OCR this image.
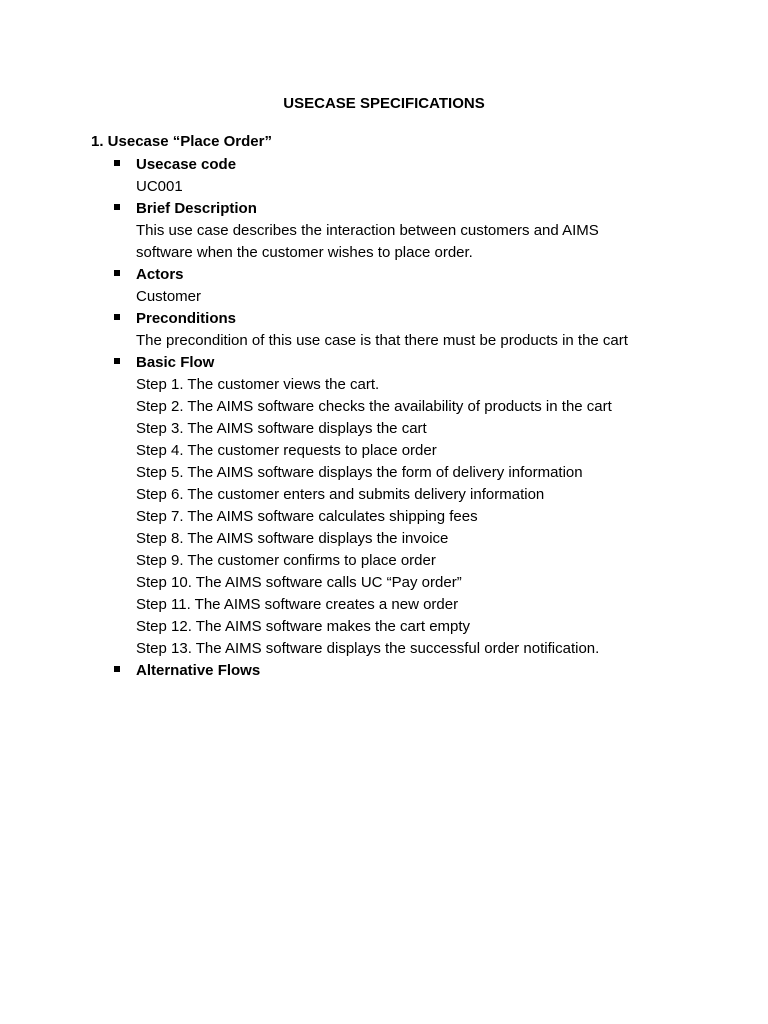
USECASE SPECIFICATIONS
1. Usecase “Place Order”
Usecase code
UC001
Brief Description
This use case describes the interaction between customers and AIMS
software when the customer wishes to place order.
Actors
Customer
Preconditions
The precondition of this use case is that there must be products in the cart
Basic Flow
Step 1. The customer views the cart.
Step 2. The AIMS software checks the availability of products in the cart
Step 3. The AIMS software displays the cart
Step 4. The customer requests to place order
Step 5. The AIMS software displays the form of delivery information
Step 6. The customer enters and submits delivery information
Step 7. The AIMS software calculates shipping fees
Step 8. The AIMS software displays the invoice
Step 9. The customer confirms to place order
Step 10. The AIMS software calls UC “Pay order”
Step 11. The AIMS software creates a new order
Step 12. The AIMS software makes the cart empty
Step 13. The AIMS software displays the successful order notification.
Alternative Flows
